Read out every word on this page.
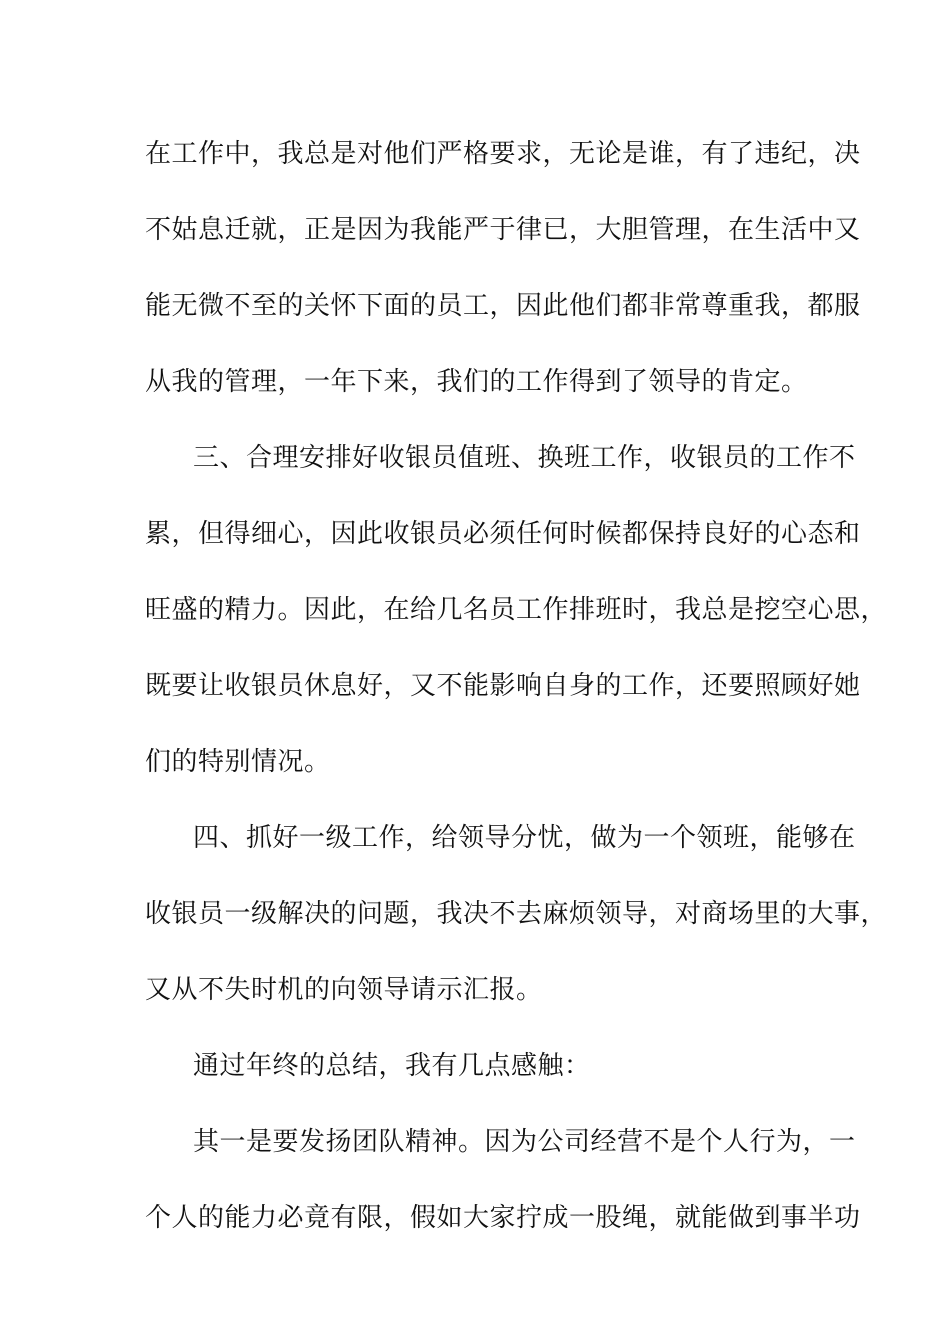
在工作中，我总是对他们严格要求，无论是谁，有了违纪，决
不姑息迁就，正是因为我能严于律已，大胆管理，在生活中又
能无微不至的关怀下面的员工，因此他们都非常尊重我，都服
从我的管理，一年下来，我们的工作得到了领导的肯定。
三、合理安排好收银员值班、换班工作，收银员的工作不
累，但得细心，因此收银员必须任何时候都保持良好的心态和
旺盛的精力。因此，在给几名员工作排班时，我总是挖空心思，
既要让收银员休息好，又不能影响自身的工作，还要照顾好她
们的特别情况。
四、抓好一级工作，给领导分忧，做为一个领班，能够在
收银员一级解决的问题，我决不去麻烦领导，对商场里的大事，
又从不失时机的向领导请示汇报。
通过年终的总结，我有几点感触：
其一是要发扬团队精神。因为公司经营不是个人行为，一
个人的能力必竟有限，假如大家拧成一股绳，就能做到事半功
